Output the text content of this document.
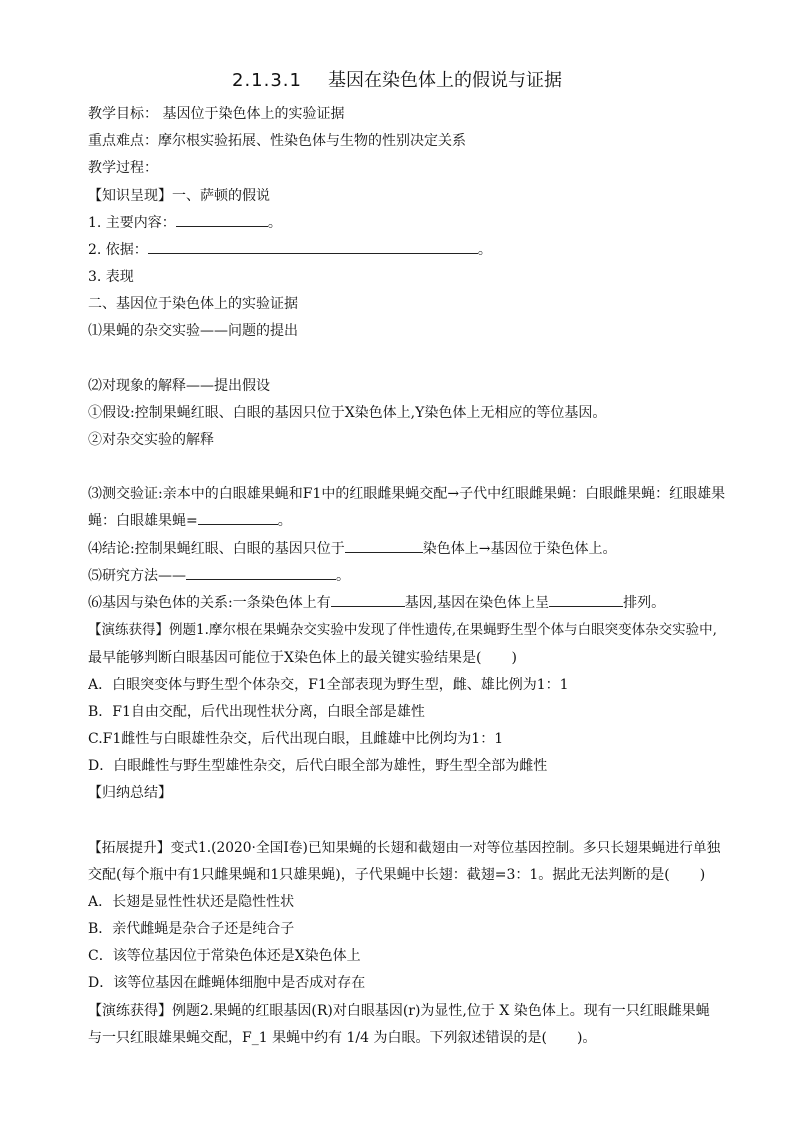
2.1.3.1 基因在染色体上的假说与证据
教学目标： 基因位于染色体上的实验证据
重点难点：摩尔根实验拓展、性染色体与生物的性别决定关系
教学过程：
【知识呈现】一、萨顿的假说
1. 主要内容：	。
2. 依据：	。
3. 表现
二、基因位于染色体上的实验证据
⑴果蝇的杂交实验——问题的提出
⑵对现象的解释——提出假设
①假设:控制果蝇红眼、白眼的基因只位于X染色体上,Y染色体上无相应的等位基因。
②对杂交实验的解释
⑶测交验证:亲本中的白眼雄果蝇和F1中的红眼雌果蝇交配→子代中红眼雌果蝇：白眼雌果蝇：红眼雄果
蝇：白眼雄果蝇=	。
⑷结论:控制果蝇红眼、白眼的基因只位于	染色体上→基因位于染色体上。
⑸研究方法——	。
⑹基因与染色体的关系:一条染色体上有	基因,基因在染色体上呈	排列。
【演练获得】例题1.摩尔根在果蝇杂交实验中发现了伴性遗传,在果蝇野生型个体与白眼突变体杂交实验中,
最早能够判断白眼基因可能位于X染色体上的最关键实验结果是( )
A．白眼突变体与野生型个体杂交，F1全部表现为野生型，雌、雄比例为1：1
B．F1自由交配，后代出现性状分离，白眼全部是雄性
C.F1雌性与白眼雄性杂交，后代出现白眼，且雌雄中比例均为1：1
D．白眼雌性与野生型雄性杂交，后代白眼全部为雄性，野生型全部为雌性
【归纳总结】
【拓展提升】变式1.(2020·全国Ⅰ卷)已知果蝇的长翅和截翅由一对等位基因控制。多只长翅果蝇进行单独
交配(每个瓶中有1只雌果蝇和1只雄果蝇)，子代果蝇中长翅：截翅=3：1。据此无法判断的是( )
A．长翅是显性性状还是隐性性状
B．亲代雌蝇是杂合子还是纯合子
C．该等位基因位于常染色体还是X染色体上
D．该等位基因在雌蝇体细胞中是否成对存在
【演练获得】例题2.果蝇的红眼基因(R)对白眼基因(r)为显性,位于 X 染色体上。现有一只红眼雌果蝇
与一只红眼雄果蝇交配，F_1 果蝇中约有 1/4 为白眼。下列叙述错误的是( )。
